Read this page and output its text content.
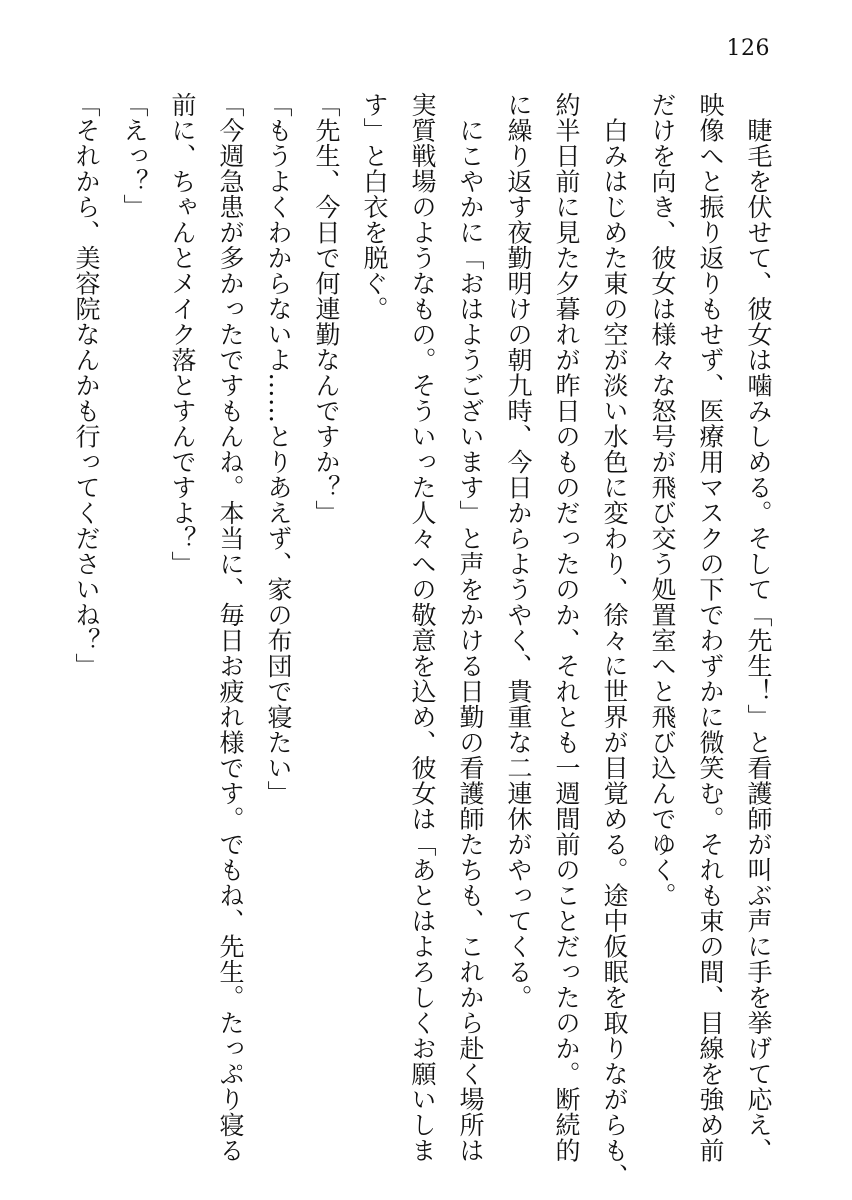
126
　睫毛を伏せて、彼女は噛みしめる。そして「先生！」と看護師が叫ぶ声に手を挙げて応え、
映像へと振り返りもせず、医療用マスクの下でわずかに微笑む。それも束の間、目線を強め前
だけを向き、彼女は様々な怒号が飛び交う処置室へと飛び込んでゆく。
　白みはじめた東の空が淡い水色に変わり、徐々に世界が目覚める。途中仮眠を取りながらも、
約半日前に見た夕暮れが昨日のものだったのか、それとも一週間前のことだったのか。断続的
に繰り返す夜勤明けの朝九時、今日からようやく、貴重な二連休がやってくる。
　にこやかに「おはようございます」と声をかける日勤の看護師たちも、これから赴く場所は
実質戦場のようなもの。そういった人々への敬意を込め、彼女は「あとはよろしくお願いしま
す」と白衣を脱ぐ。
「先生、今日で何連勤なんですか？」
「もうよくわからないよ……とりあえず、家の布団で寝たい」
「今週急患が多かったですもんね。本当に、毎日お疲れ様です。でもね、先生。たっぷり寝る
前に、ちゃんとメイク落とすんですよ？」
「えっ？」
「それから、美容院なんかも行ってくださいね？」
